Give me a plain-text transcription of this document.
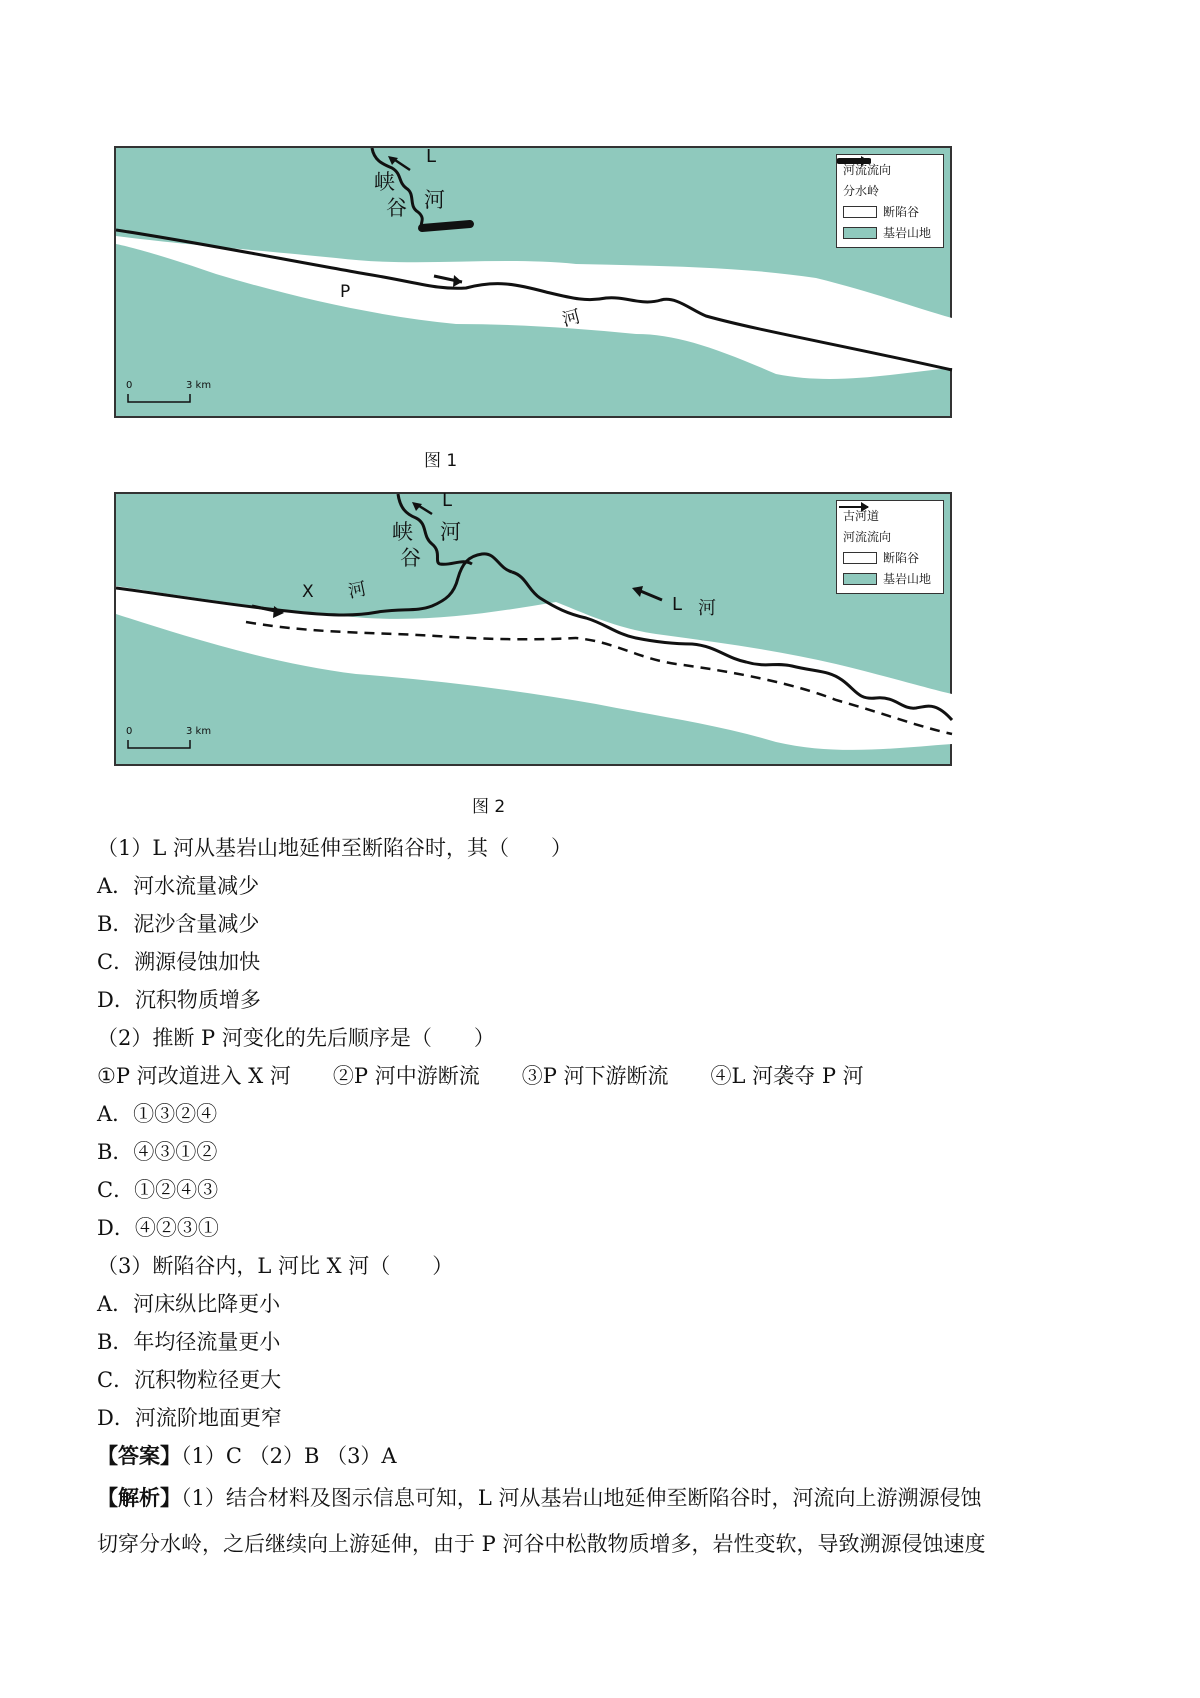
峡
谷
L
河
P
河
0	3 km
河流流向
分水岭
断陷谷
基岩山地
图 1
峡
谷
L
河
X 河
L 河
0	3 km
古河道
河流流向
断陷谷
基岩山地
图 2
（1）L 河从基岩山地延伸至断陷谷时，其（　　）
A．河水流量减少
B．泥沙含量减少
C．溯源侵蚀加快
D．沉积物质增多
（2）推断 P 河变化的先后顺序是（　　）
①P 河改道进入 X 河　　②P 河中游断流　　③P 河下游断流　　④L 河袭夺 P 河
A．①③②④
B．④③①②
C．①②④③
D．④②③①
（3）断陷谷内，L 河比 X 河（　　）
A．河床纵比降更小
B．年均径流量更小
C．沉积物粒径更大
D．河流阶地面更窄
【答案】（1）C （2）B （3）A
【解析】（1）结合材料及图示信息可知，L 河从基岩山地延伸至断陷谷时，河流向上游溯源侵蚀
切穿分水岭，之后继续向上游延伸，由于 P 河谷中松散物质增多，岩性变软，导致溯源侵蚀速度
